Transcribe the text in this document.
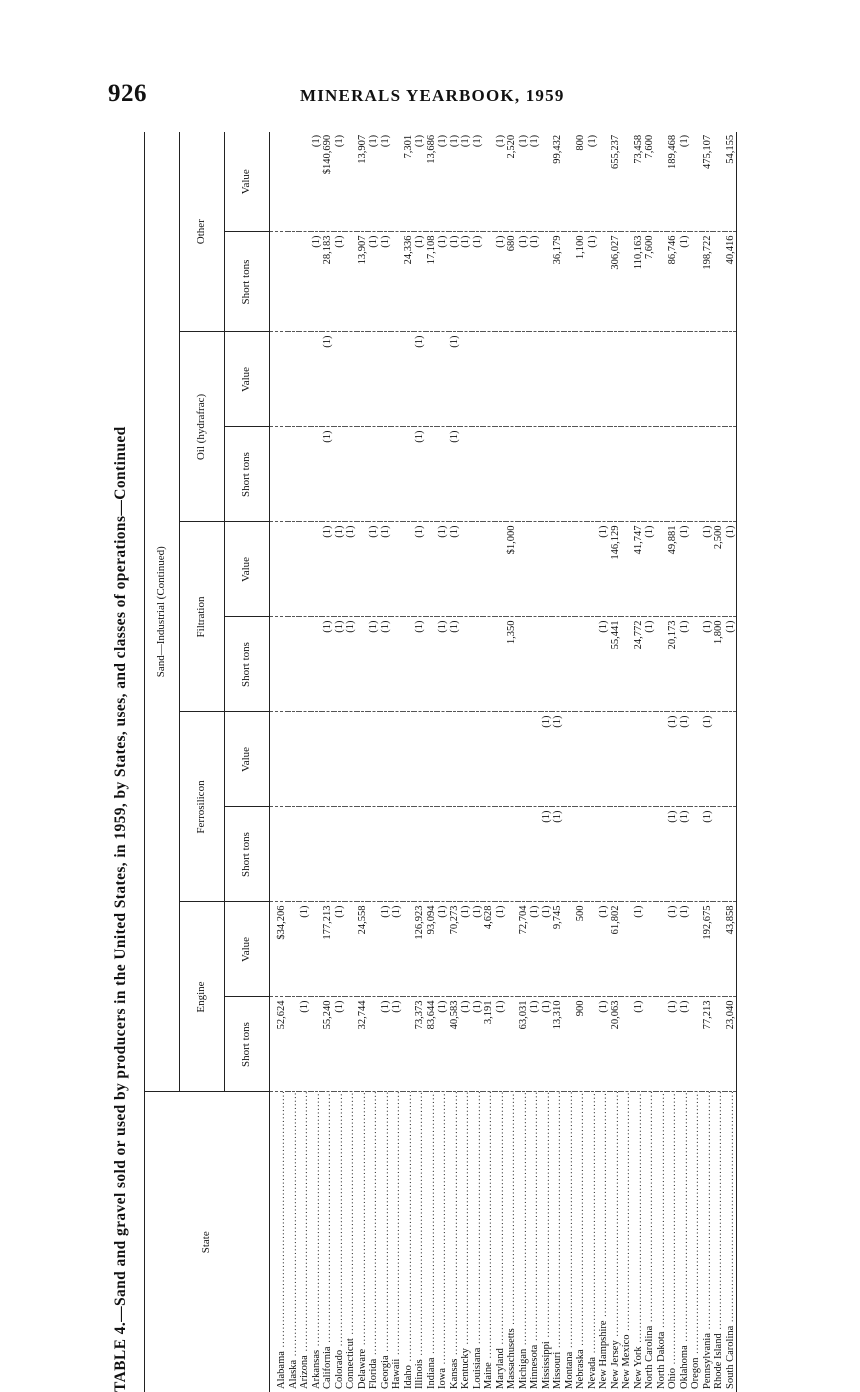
926	MINERALS YEARBOOK, 1959
TABLE 4.—Sand and gravel sold or used by producers in the United States, in 1959, by States, uses, and classes of operations—Continued	State	Sand—Industrial (Continued)									
	Engine		Ferrosilicon		Filtration		Oil (hydrafrac)		Other	
	Short tons	Value	Short tons	Value	Short tons	Value	Short tons	Value	Short tons	Value
Alabama .....	52,624	$34,206								
Alaska .....										
Arizona .....	(1)	(1)								
Arkansas .....									(1)	(1)
California .....	55,240	177,213			(1)	(1)	(1)	(1)	28,183	$140,690
Colorado .....	(1)	(1)			(1)	(1)			(1)	(1)
Connecticut .....					(1)	(1)				
Delaware .....	32,744	24,558							13,907	13,907
Florida .....					(1)	(1)			(1)	(1)
Georgia .....	(1)	(1)			(1)	(1)			(1)	(1)
Hawaii .....	(1)	(1)								
Idaho .....									24,336	7,301
Illinois .....	73,373	126,923			(1)	(1)	(1)	(1)	(1)	(1)
Indiana .....	83,644	93,094							17,108	13,686
Iowa .....	(1)	(1)			(1)	(1)			(1)	(1)
Kansas .....	40,583	70,273			(1)	(1)	(1)	(1)	(1)	(1)
Kentucky .....	(1)	(1)							(1)	(1)
Louisiana .....	(1)	(1)							(1)	(1)
Maine .....	3,191	4,628								
Maryland .....	(1)	(1)							(1)	(1)
Massachusetts .....					1,350	$1,000			680	2,520
Michigan .....	63,031	72,704							(1)	(1)
Minnesota .....	(1)	(1)							(1)	(1)
Mississippi .....	(1)	(1)	(1)	(1)						
Missouri .....	13,310	9,745	(1)	(1)					36,179	99,432
Montana .....										
Nebraska .....	900	500							1,100	800
Nevada .....									(1)	(1)
New Hampshire .....	(1)	(1)			(1)	(1)				
New Jersey .....	20,063	61,802			55,441	146,129			306,027	655,237
New Mexico .....										
New York .....	(1)	(1)			24,772	41,747			110,163	73,458
North Carolina .....					(1)	(1)			7,600	7,600
North Dakota .....										
Ohio .....	(1)	(1)	(1)	(1)	20,173	49,881			86,746	189,468
Oklahoma .....	(1)	(1)	(1)	(1)	(1)	(1)			(1)	(1)
Oregon .....										
Pennsylvania .....	77,213	192,675	(1)	(1)	(1)	(1)			198,722	475,107
Rhode Island .....					1,800	2,500				
South Carolina .....	23,040	43,858			(1)	(1)			40,416	54,155
